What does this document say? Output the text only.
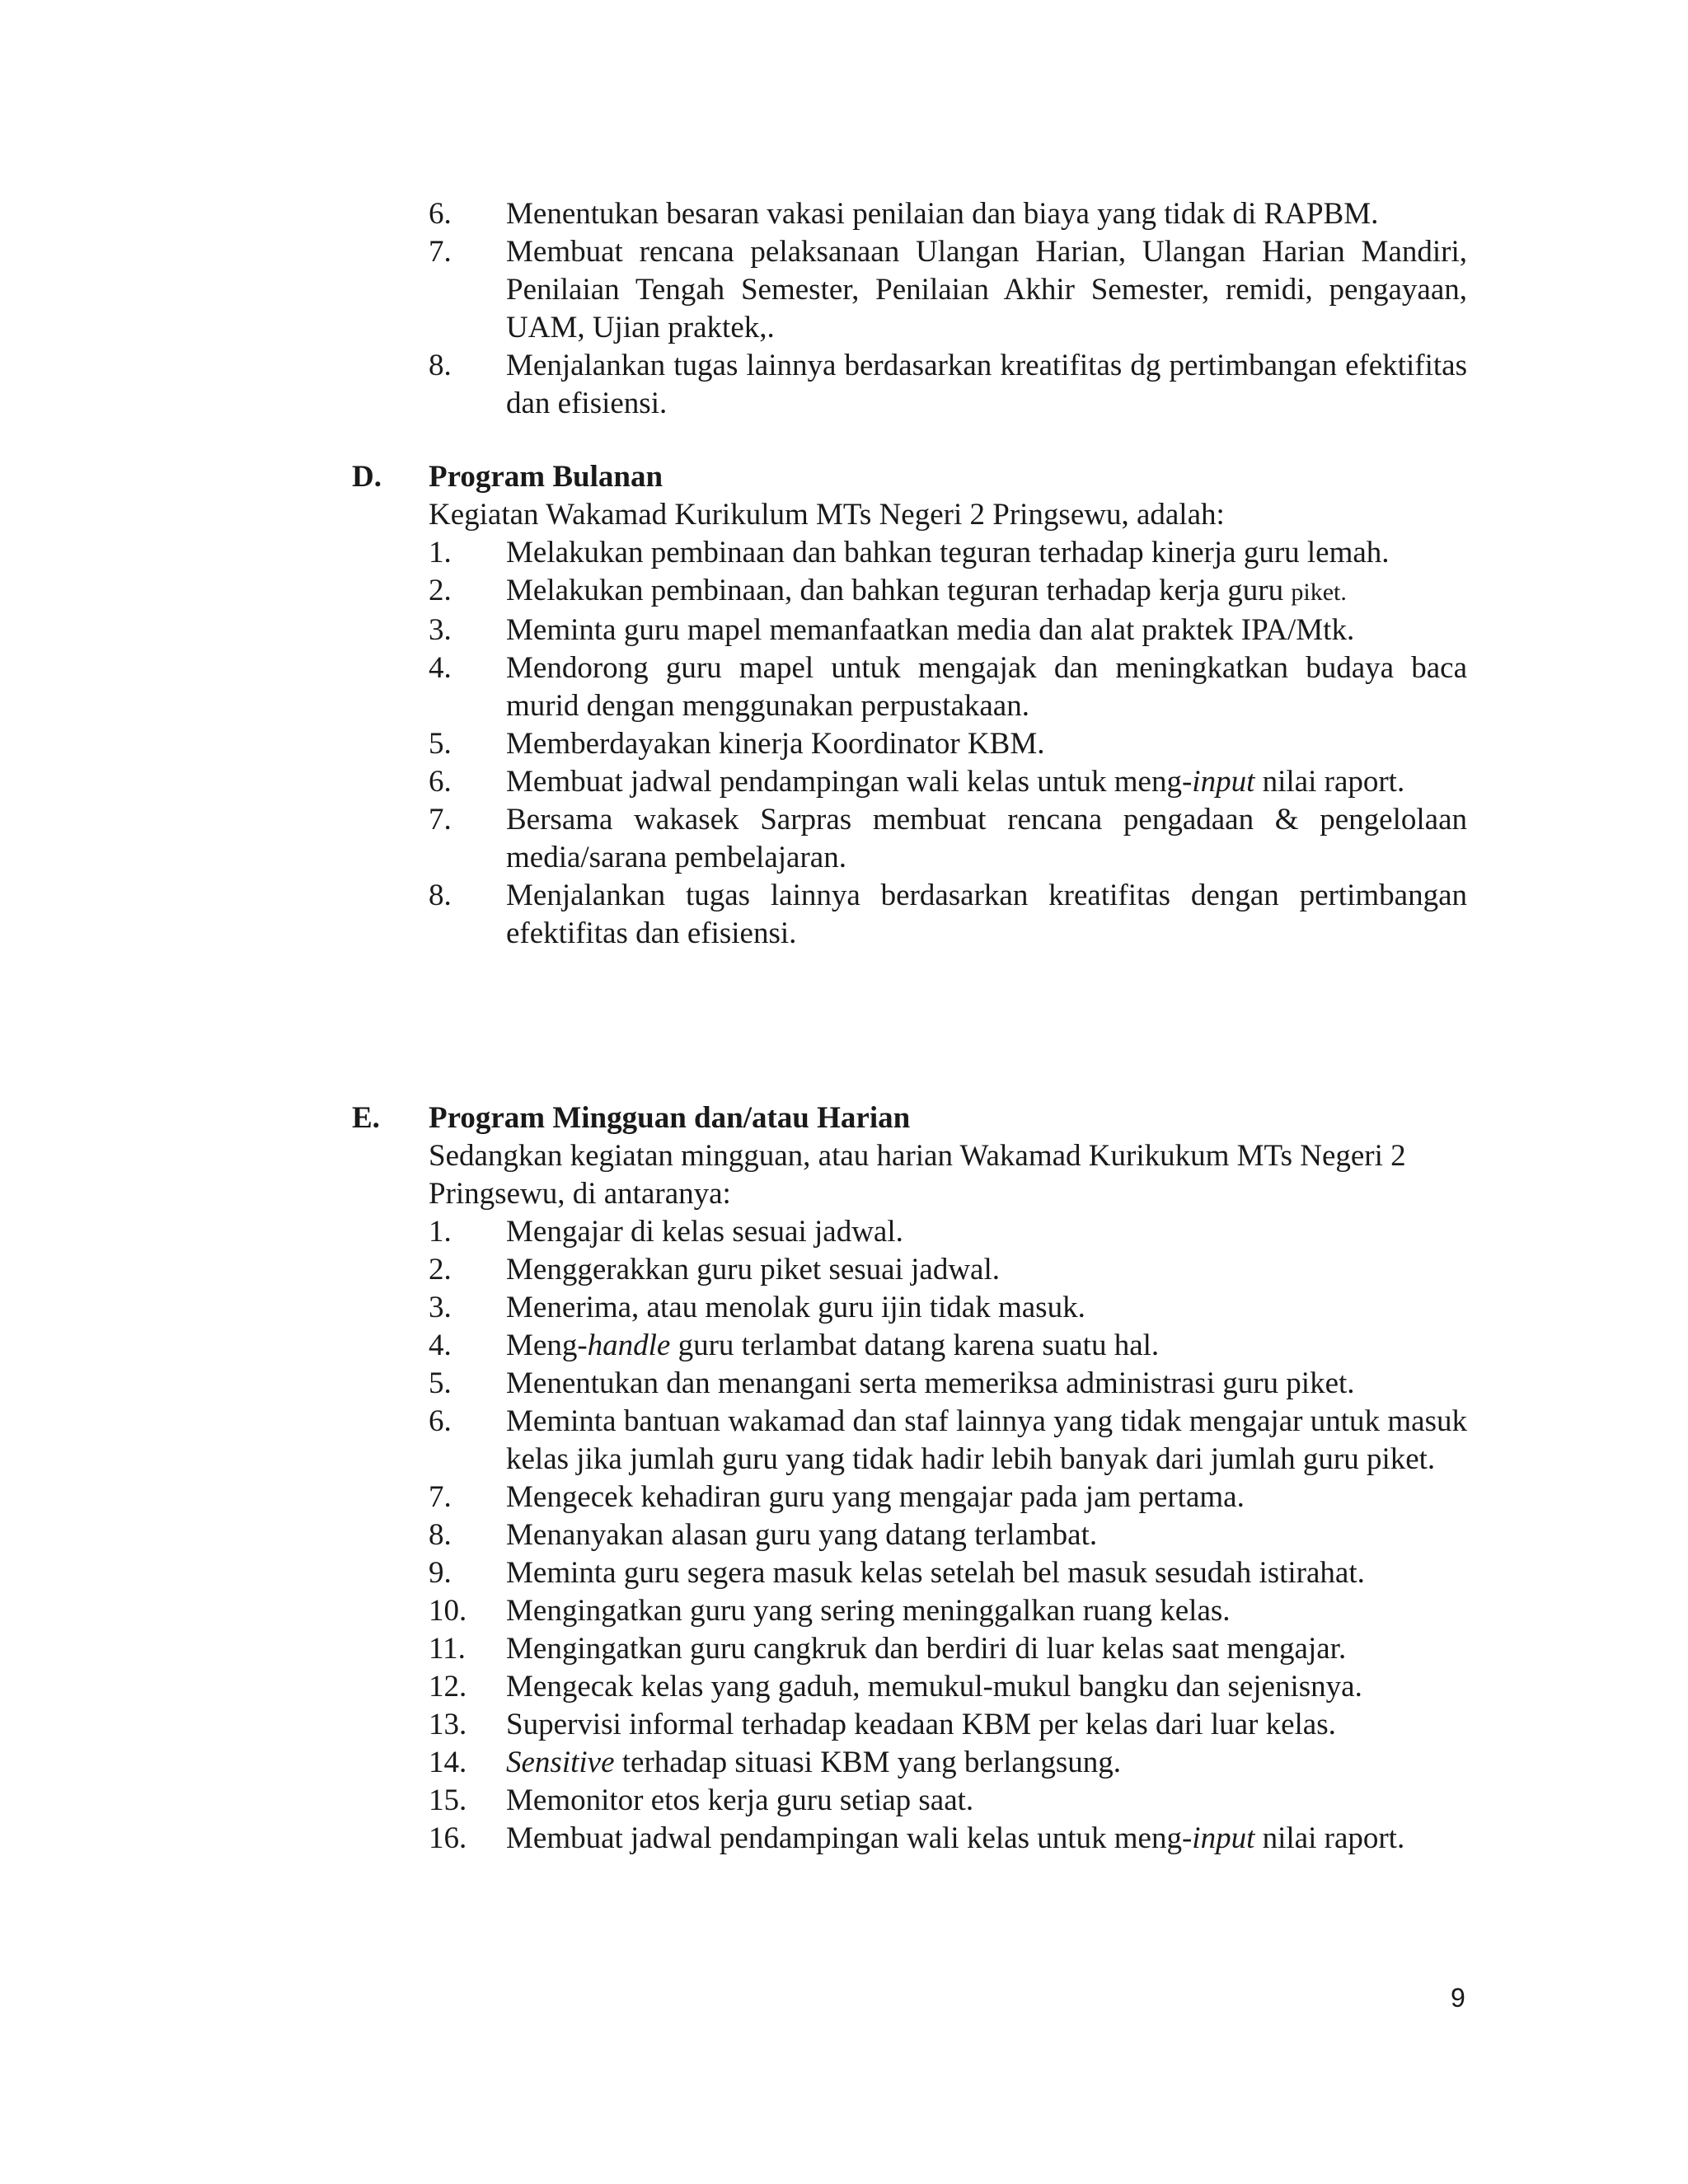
6.	Menentukan besaran vakasi penilaian dan biaya yang tidak di RAPBM.
7.	Membuat rencana pelaksanaan Ulangan Harian, Ulangan Harian Mandiri, Penilaian Tengah Semester, Penilaian Akhir Semester, remidi, pengayaan, UAM, Ujian praktek,.
8.	Menjalankan tugas lainnya berdasarkan kreatifitas dg pertimbangan efektifitas dan efisiensi.
D. Program Bulanan
Kegiatan Wakamad Kurikulum MTs Negeri 2 Pringsewu, adalah:
1.	Melakukan pembinaan dan bahkan teguran terhadap kinerja guru lemah.
2.	Melakukan pembinaan, dan bahkan teguran terhadap kerja guru piket.
3.	Meminta guru mapel memanfaatkan media dan alat praktek IPA/Mtk.
4.	Mendorong guru mapel untuk mengajak dan meningkatkan budaya baca murid dengan menggunakan perpustakaan.
5.	Memberdayakan kinerja Koordinator KBM.
6.	Membuat jadwal pendampingan wali kelas untuk meng-input nilai raport.
7.	Bersama wakasek Sarpras membuat rencana pengadaan & pengelolaan media/sarana pembelajaran.
8.	Menjalankan tugas lainnya berdasarkan kreatifitas dengan pertimbangan efektifitas dan efisiensi.
E. Program Mingguan dan/atau Harian
Sedangkan kegiatan mingguan, atau harian Wakamad Kurikukum MTs Negeri 2 Pringsewu, di antaranya:
1.	Mengajar di kelas sesuai jadwal.
2.	Menggerakkan guru piket sesuai jadwal.
3.	Menerima, atau menolak guru ijin tidak masuk.
4.	Meng-handle guru terlambat datang karena suatu hal.
5.	Menentukan dan menangani serta memeriksa administrasi guru piket.
6.	Meminta bantuan wakamad dan staf lainnya yang tidak mengajar untuk masuk kelas jika jumlah guru yang tidak hadir lebih banyak dari jumlah guru piket.
7.	Mengecek kehadiran guru yang mengajar pada jam pertama.
8.	Menanyakan alasan guru yang datang terlambat.
9.	Meminta guru segera masuk kelas setelah bel masuk sesudah istirahat.
10.	Mengingatkan guru yang sering meninggalkan ruang kelas.
11.	Mengingatkan guru cangkruk dan berdiri di luar kelas saat mengajar.
12.	Mengecak kelas yang gaduh, memukul-mukul bangku dan sejenisnya.
13.	Supervisi informal terhadap keadaan KBM per kelas dari luar kelas.
14.	Sensitive terhadap situasi KBM yang berlangsung.
15.	Memonitor etos kerja guru setiap saat.
16.	Membuat jadwal pendampingan wali kelas untuk meng-input nilai raport.
9
